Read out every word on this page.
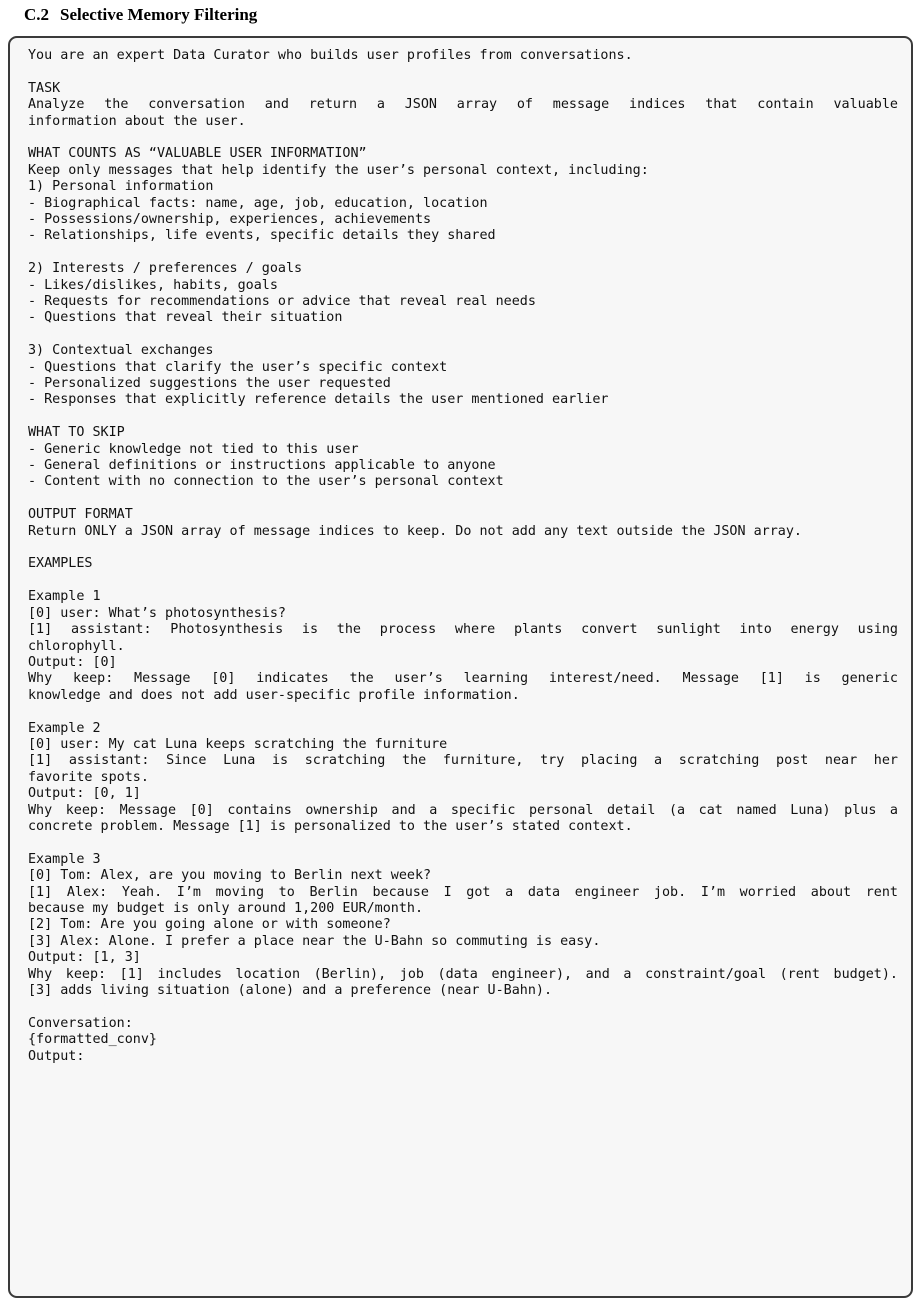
C.2 Selective Memory Filtering
You are an expert Data Curator who builds user profiles from conversations.
TASK
Analyze the conversation and return a JSON array of message indices that contain valuable
information about the user.
WHAT COUNTS AS “VALUABLE USER INFORMATION”
Keep only messages that help identify the user’s personal context, including:
1) Personal information
- Biographical facts: name, age, job, education, location
- Possessions/ownership, experiences, achievements
- Relationships, life events, specific details they shared
2) Interests / preferences / goals
- Likes/dislikes, habits, goals
- Requests for recommendations or advice that reveal real needs
- Questions that reveal their situation
3) Contextual exchanges
- Questions that clarify the user’s specific context
- Personalized suggestions the user requested
- Responses that explicitly reference details the user mentioned earlier
WHAT TO SKIP
- Generic knowledge not tied to this user
- General definitions or instructions applicable to anyone
- Content with no connection to the user’s personal context
OUTPUT FORMAT
Return ONLY a JSON array of message indices to keep. Do not add any text outside the JSON array.
EXAMPLES
Example 1
[0] user: What’s photosynthesis?
[1] assistant: Photosynthesis is the process where plants convert sunlight into energy using
chlorophyll.
Output: [0]
Why keep: Message [0] indicates the user’s learning interest/need. Message [1] is generic
knowledge and does not add user-specific profile information.
Example 2
[0] user: My cat Luna keeps scratching the furniture
[1] assistant: Since Luna is scratching the furniture, try placing a scratching post near her
favorite spots.
Output: [0, 1]
Why keep: Message [0] contains ownership and a specific personal detail (a cat named Luna) plus a
concrete problem. Message [1] is personalized to the user’s stated context.
Example 3
[0] Tom: Alex, are you moving to Berlin next week?
[1] Alex: Yeah. I’m moving to Berlin because I got a data engineer job. I’m worried about rent
because my budget is only around 1,200 EUR/month.
[2] Tom: Are you going alone or with someone?
[3] Alex: Alone. I prefer a place near the U-Bahn so commuting is easy.
Output: [1, 3]
Why keep: [1] includes location (Berlin), job (data engineer), and a constraint/goal (rent budget).
[3] adds living situation (alone) and a preference (near U-Bahn).
Conversation:
{formatted_conv}
Output:
